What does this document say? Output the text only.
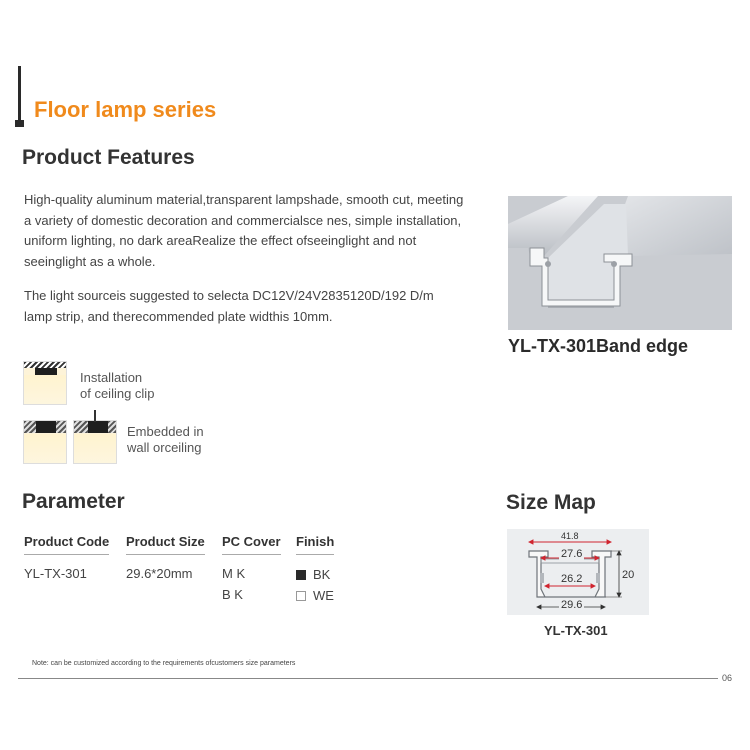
Floor lamp series
Product Features
High-quality aluminum material,transparent lampshade, smooth cut, meeting a variety of domestic decoration and commercialsce nes, simple installation, uniform lighting, no dark areaRealize the effect ofseeinglight and not seeinglight as a whole.
The light sourceis suggested to selecta DC12V/24V2835120D/192 D/m lamp strip, and therecommended plate widthis 10mm.
Installation
of ceiling clip
Embedded in
wall orceiling
YL-TX-301Band edge
Parameter
Product Code Product Size PC Cover Finish
YL-TX-301	29.6*20mm M K
B K
BK
WE
Size Map
41.8
27.6
26.2
29.6
20
YL-TX-301
Note: can be customized according to the requirements ofcustomers size parameters
06
